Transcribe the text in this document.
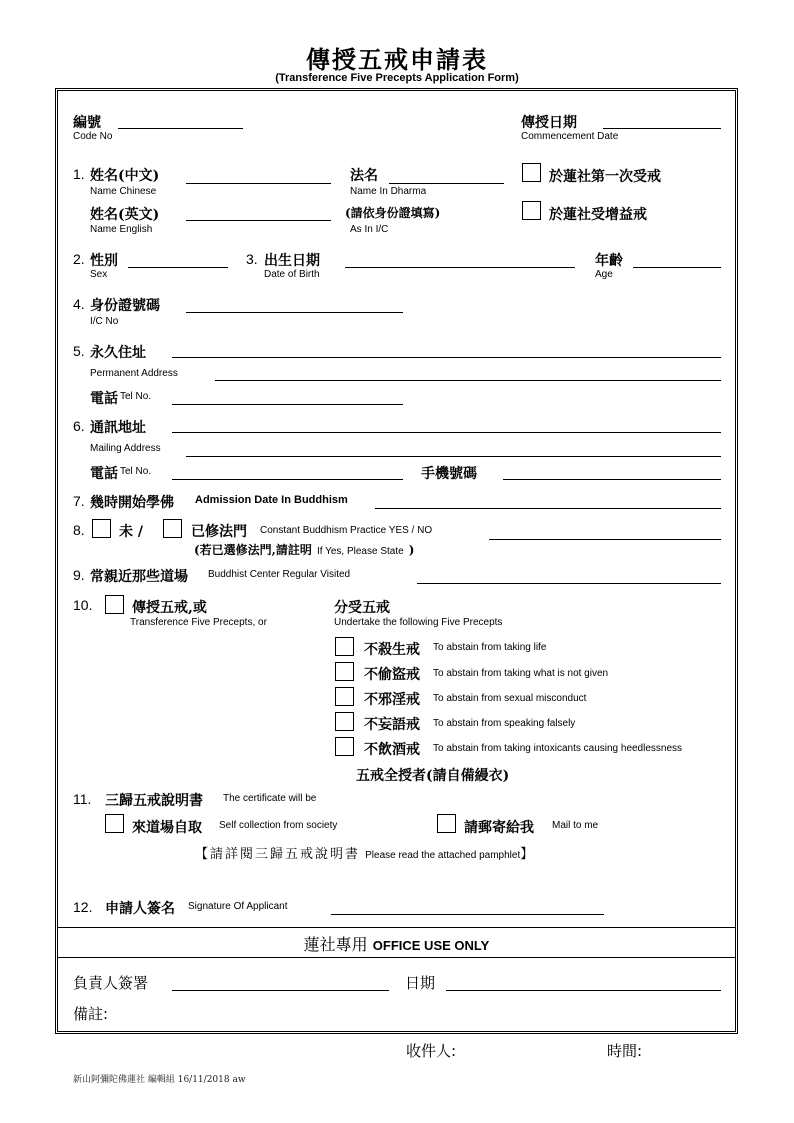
傳授五戒申請表
(Transference Five Precepts Application Form)
編號
Code No
傳授日期
Commencement Date
1. 姓名(中文)
Name Chinese
姓名(英文)
Name English
法名
Name In Dharma
(請依身份證填寫)
As In I/C
於蓮社第一次受戒
於蓮社受增益戒
2. 性別
Sex
3. 出生日期
Date of Birth
年齡
Age
4. 身份證號碼
I/C No
5. 永久住址
Permanent Address
電話 Tel No.
6. 通訊地址
Mailing Address
電話 Tel No.	手機號碼
7. 幾時開始學佛 Admission Date In Buddhism
8. 未 /	已修法門 Constant Buddhism Practice YES / NO
(若已選修法門,請註明 If Yes, Please State )
9. 常親近那些道場 Buddhist Center Regular Visited
10.	傳授五戒,或
Transference Five Precepts, or
分受五戒
Undertake the following Five Precepts
不殺生戒 To abstain from taking life
不偷盜戒 To abstain from taking what is not given
不邪淫戒 To abstain from sexual misconduct
不妄語戒 To abstain from speaking falsely
不飲酒戒 To abstain from taking intoxicants causing heedlessness
五戒全授者(請自備縵衣)
11. 三歸五戒說明書 The certificate will be
來道場自取 Self collection from society	請郵寄給我 Mail to me
【請詳閱三歸五戒說明書 Please read the attached pamphlet】
12. 申請人簽名 Signature Of Applicant
蓮社專用 OFFICE USE ONLY
負責人簽署	日期
備註:
收件人:	時間:
新山阿彌陀佛蓮社 編輯組 16/11/2018 aw
